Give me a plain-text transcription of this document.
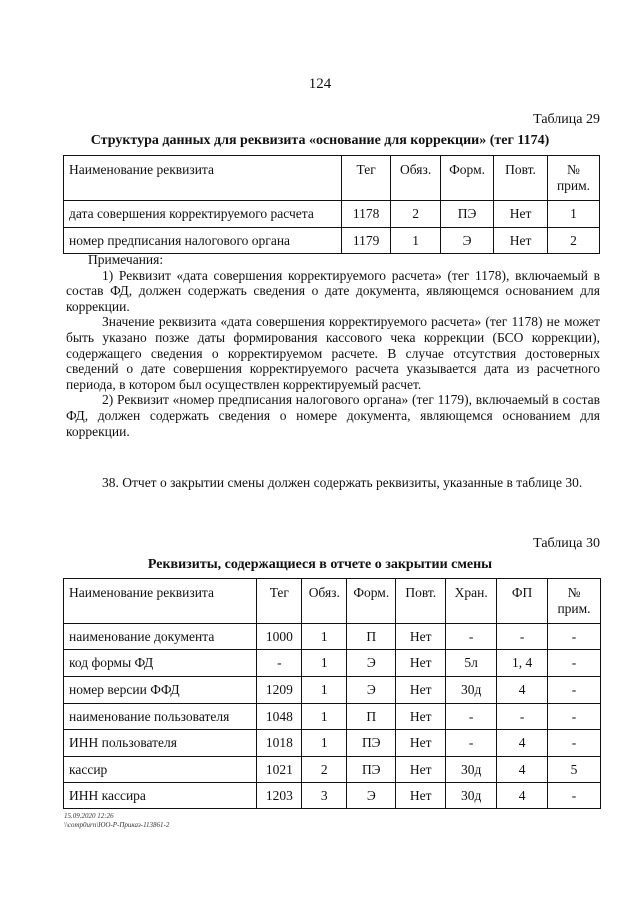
124
Таблица 29
Структура данных для реквизита «основание для коррекции» (тег 1174)
Наименование реквизита	Тег	Обяз.	Форм.	Повт.	№ прим.
дата совершения корректируемого расчета	1178	2	ПЭ	Нет	1
номер предписания налогового органа	1179	1	Э	Нет	2

Примечания:

1) Реквизит «дата совершения корректируемого расчета» (тег 1178), включаемый в состав ФД, должен содержать сведения о дате документа, являющемся основанием для коррекции.

Значение реквизита «дата совершения корректируемого расчета» (тег 1178) не может быть указано позже даты формирования кассового чека коррекции (БСО коррекции), содержащего сведения о корректируемом расчете. В случае отсутствия достоверных сведений о дате совершения корректируемого расчета указывается дата из расчетного периода, в котором был осуществлен корректируемый расчет.

2) Реквизит «номер предписания налогового органа» (тег 1179), включаемый в состав ФД, должен содержать сведения о номере документа, являющемся основанием для коррекции.

38. Отчет о закрытии смены должен содержать реквизиты, указанные в таблице 30.

Таблица 30
Реквизиты, содержащиеся в отчете о закрытии смены
Наименование реквизита	Тег	Обяз.	Форм.	Повт.	Хран.	ФП	№ прим.
наименование документа	1000	1	П	Нет	-	-	-
код формы ФД	-	1	Э	Нет	5л	1, 4	-
номер версии ФФД	1209	1	Э	Нет	30д	4	-
наименование пользователя	1048	1	П	Нет	-	-	-
ИНН пользователя	1018	1	ПЭ	Нет	-	4	-
кассир	1021	2	ПЭ	Нет	30д	4	5
ИНН кассира	1203	3	Э	Нет	30д	4	-
15.09.2020 12:26
\\comp0urn\ЮО-Р-Приказ-113861-2
